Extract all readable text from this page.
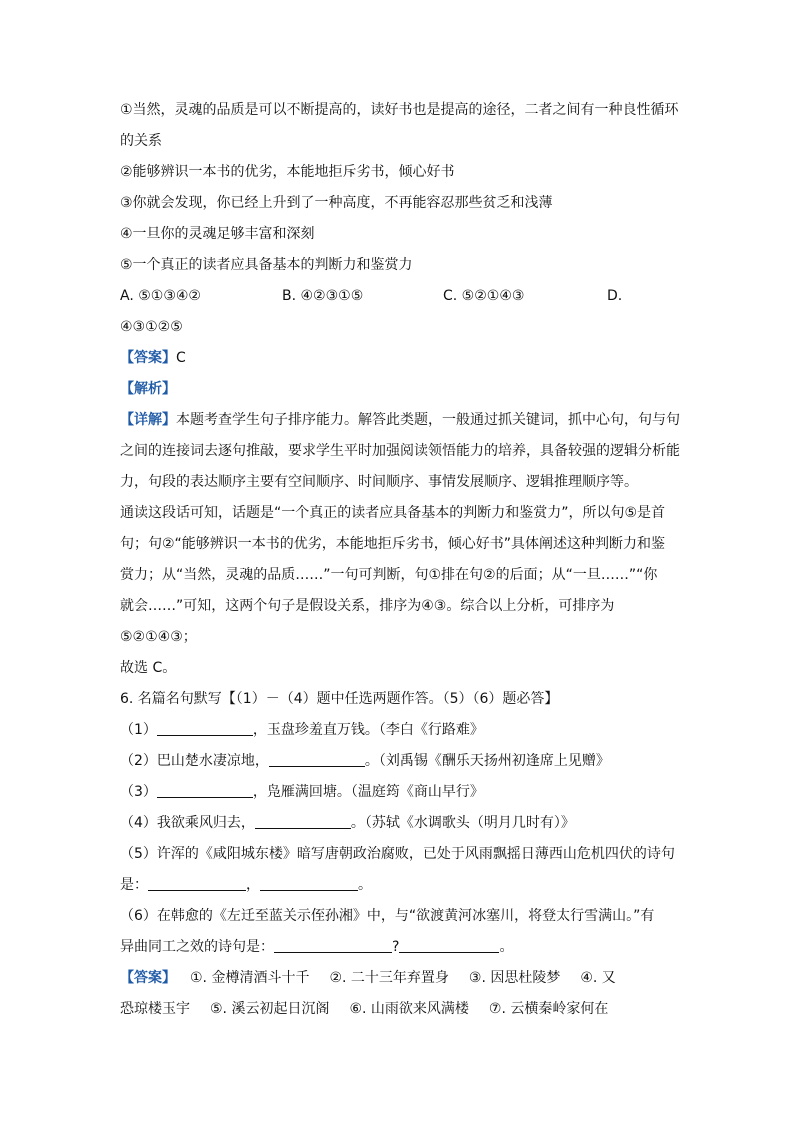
①当然，灵魂的品质是可以不断提高的，读好书也是提高的途径，二者之间有一种良性循环
的关系
②能够辨识一本书的优劣，本能地拒斥劣书，倾心好书
③你就会发现，你已经上升到了一种高度，不再能容忍那些贫乏和浅薄
④一旦你的灵魂足够丰富和深刻
⑤一个真正的读者应具备基本的判断力和鉴赏力
A. ⑤①③④②	B. ④②③①⑤	C. ⑤②①④③	D.
④③①②⑤
【答案】C
【解析】
【详解】本题考查学生句子排序能力。解答此类题，一般通过抓关键词，抓中心句，句与句
之间的连接词去逐句推敲，要求学生平时加强阅读领悟能力的培养，具备较强的逻辑分析能
力，句段的表达顺序主要有空间顺序、时间顺序、事情发展顺序、逻辑推理顺序等。
通读这段话可知，话题是“一个真正的读者应具备基本的判断力和鉴赏力”，所以句⑤是首
句；句②“能够辨识一本书的优劣，本能地拒斥劣书，倾心好书”具体阐述这种判断力和鉴
赏力；从“当然，灵魂的品质……”一句可判断，句①排在句②的后面；从“一旦……”“你
就会……”可知，这两个句子是假设关系，排序为④③。综合以上分析，可排序为
⑤②①④③；
故选 C。
6. 名篇名句默写【（1）－（4）题中任选两题作答。（5）（6）题必答】
（1）	，玉盘珍羞直万钱。（李白《行路难》
（2）巴山楚水凄凉地，	。（刘禹锡《酬乐天扬州初逢席上见赠》
（3）	，凫雁满回塘。（温庭筠《商山早行》
（4）我欲乘风归去，	。（苏轼《水调歌头（明月几时有）》
（5）许浑的《咸阳城东楼》暗写唐朝政治腐败，已处于风雨飘摇日薄西山危机四伏的诗句
是：	，	。
（6）在韩愈的《左迁至蓝关示侄孙湘》中，与“欲渡黄河冰塞川，将登太行雪满山。”有
异曲同工之效的诗句是：	?	。
【答案】 ①. 金樽清酒斗十千 ②. 二十三年弃置身 ③. 因思杜陵梦 ④. 又
恐琼楼玉宇 ⑤. 溪云初起日沉阁 ⑥. 山雨欲来风满楼 ⑦. 云横秦岭家何在
